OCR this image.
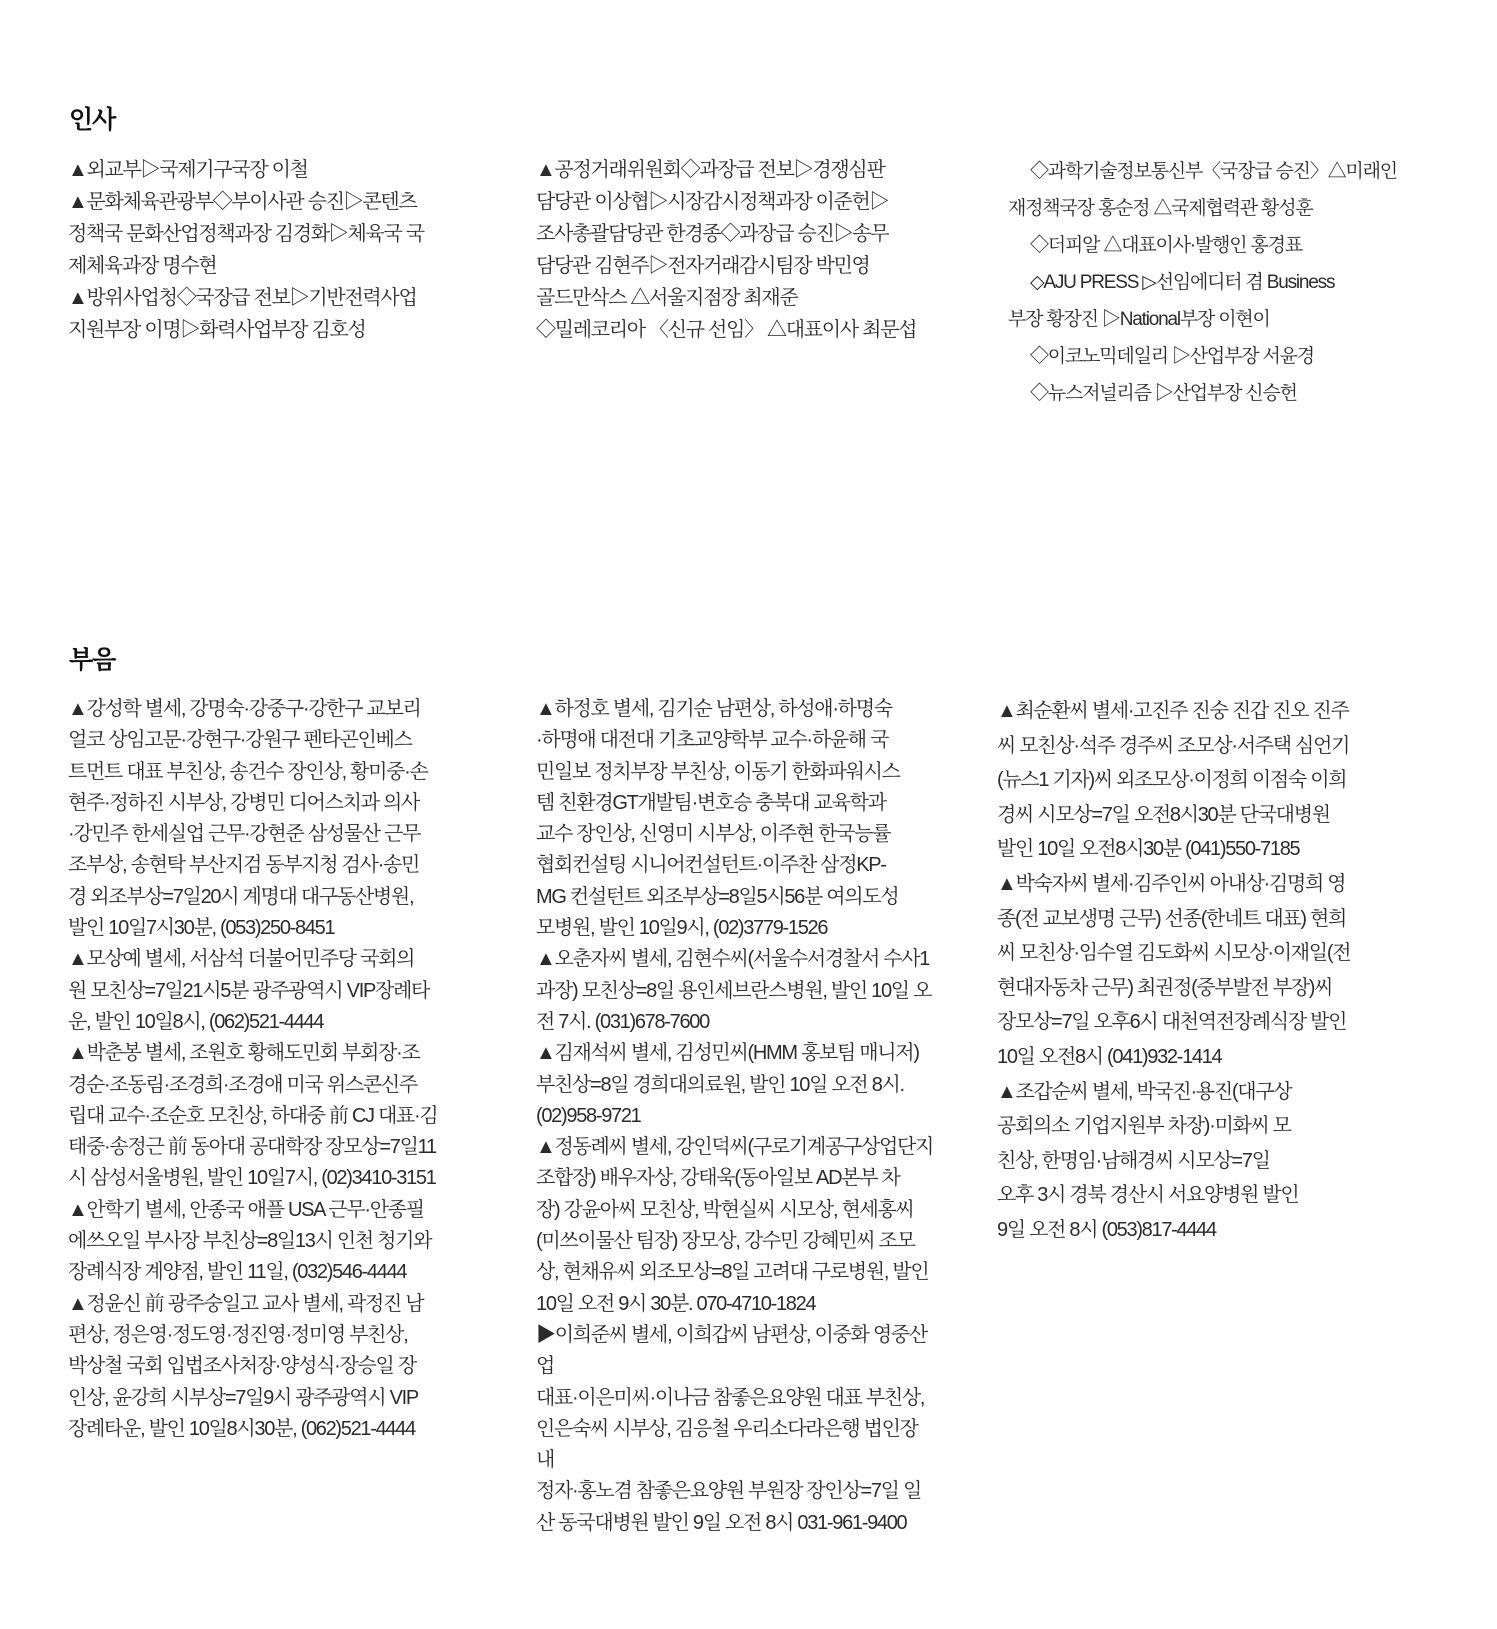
인사
부음

▲외교부▷국제기구국장 이철

▲문화체육관광부◇부이사관 승진▷콘텐츠

정책국 문화산업정책과장 김경화▷체육국 국

제체육과장 명수현

▲방위사업청◇국장급 전보▷기반전력사업

지원부장 이명▷화력사업부장 김호성

▲공정거래위원회◇과장급 전보▷경쟁심판

담당관 이상협▷시장감시정책과장 이준헌▷

조사총괄담당관 한경종◇과장급 승진▷송무

담당관 김현주▷전자거래감시팀장 박민영

골드만삭스 △서울지점장 최재준

◇밀레코리아 〈신규 선임〉 △대표이사 최문섭

◇과학기술정보통신부〈국장급 승진〉△미래인

재정책국장 홍순정 △국제협력관 황성훈

◇더피알 △대표이사·발행인 홍경표

◇AJU PRESS ▷선임에디터 겸 Business

부장 황장진 ▷National부장 이현이

◇이코노믹데일리 ▷산업부장 서윤경

◇뉴스저널리즘 ▷산업부장 신승헌

▲강성학 별세, 강명숙·강중구·강한구 교보리

얼코 상임고문·강현구·강원구 펜타곤인베스

트먼트 대표 부친상, 송건수 장인상, 황미중·손

현주·정하진 시부상, 강병민 디어스치과 의사

·강민주 한세실업 근무·강현준 삼성물산 근무

조부상, 송현탁 부산지검 동부지청 검사·송민

경 외조부상=7일20시 계명대 대구동산병원,

발인 10일7시30분, (053)250-8451

▲모상예 별세, 서삼석 더불어민주당 국회의

원 모친상=7일21시5분 광주광역시 VIP장례타

운, 발인 10일8시, (062)521-4444

▲박춘봉 별세, 조원호 황해도민회 부회장·조

경순·조동림·조경희·조경애 미국 위스콘신주

립대 교수·조순호 모친상, 하대중 前 CJ 대표·김

태중·송정근 前 동아대 공대학장 장모상=7일11

시 삼성서울병원, 발인 10일7시, (02)3410-3151

▲안학기 별세, 안종국 애플 USA 근무·안종필

에쓰오일 부사장 부친상=8일13시 인천 청기와

장례식장 계양점, 발인 11일, (032)546-4444

▲정윤신 前 광주숭일고 교사 별세, 곽정진 남

편상, 정은영·정도영·정진영·정미영 부친상,

박상철 국회 입법조사처장·양성식·장승일 장

인상, 윤강희 시부상=7일9시 광주광역시 VIP

장례타운, 발인 10일8시30분, (062)521-4444

▲하정호 별세, 김기순 남편상, 하성애·하명숙

·하명애 대전대 기초교양학부 교수·하윤해 국

민일보 정치부장 부친상, 이동기 한화파워시스

템 친환경GT개발팀·변호승 충북대 교육학과

교수 장인상, 신영미 시부상, 이주현 한국능률

협회컨설팅 시니어컨설턴트·이주찬 삼정KP-

MG 컨설턴트 외조부상=8일5시56분 여의도성

모병원, 발인 10일9시, (02)3779-1526

▲오춘자씨 별세, 김현수씨(서울수서경찰서 수사1

과장) 모친상=8일 용인세브란스병원, 발인 10일 오

전 7시. (031)678-7600

▲김재석씨 별세, 김성민씨(HMM 홍보팀 매니저)

부친상=8일 경희대의료원, 발인 10일 오전 8시.

(02)958-9721

▲정동례씨 별세, 강인덕씨(구로기계공구상업단지

조합장) 배우자상, 강태욱(동아일보 AD본부 차

장) 강윤아씨 모친상, 박현실씨 시모상, 현세홍씨

(미쓰이물산 팀장) 장모상, 강수민 강혜민씨 조모

상, 현채유씨 외조모상=8일 고려대 구로병원, 발인

10일 오전 9시 30분. 070-4710-1824

▶이희준씨 별세, 이희갑씨 남편상, 이중화 영중산업

대표·이은미씨·이나금 참좋은요양원 대표 부친상,

인은숙씨 시부상, 김응철 우리소다라은행 법인장 내

정자·홍노겸 참좋은요양원 부원장 장인상=7일 일

산 동국대병원 발인 9일 오전 8시 031-961-9400

▲최순환씨 별세·고진주 진숭 진갑 진오 진주

씨 모친상·석주 경주씨 조모상·서주택 심언기

(뉴스1 기자)씨 외조모상·이정희 이점숙 이희

경씨 시모상=7일 오전8시30분 단국대병원

발인 10일 오전8시30분 (041)550-7185

▲박숙자씨 별세·김주인씨 아내상·김명희 영

종(전 교보생명 근무) 선종(한네트 대표) 현희

씨 모친상·임수열 김도화씨 시모상·이재일(전

현대자동차 근무) 최권정(중부발전 부장)씨

장모상=7일 오후6시 대천역전장례식장 발인

10일 오전8시 (041)932-1414

▲조갑순씨 별세, 박국진·용진(대구상

공회의소 기업지원부 차장)·미화씨 모

친상, 한명임·남해경씨 시모상=7일

오후 3시 경북 경산시 서요양병원 발인

9일 오전 8시 (053)817-4444
